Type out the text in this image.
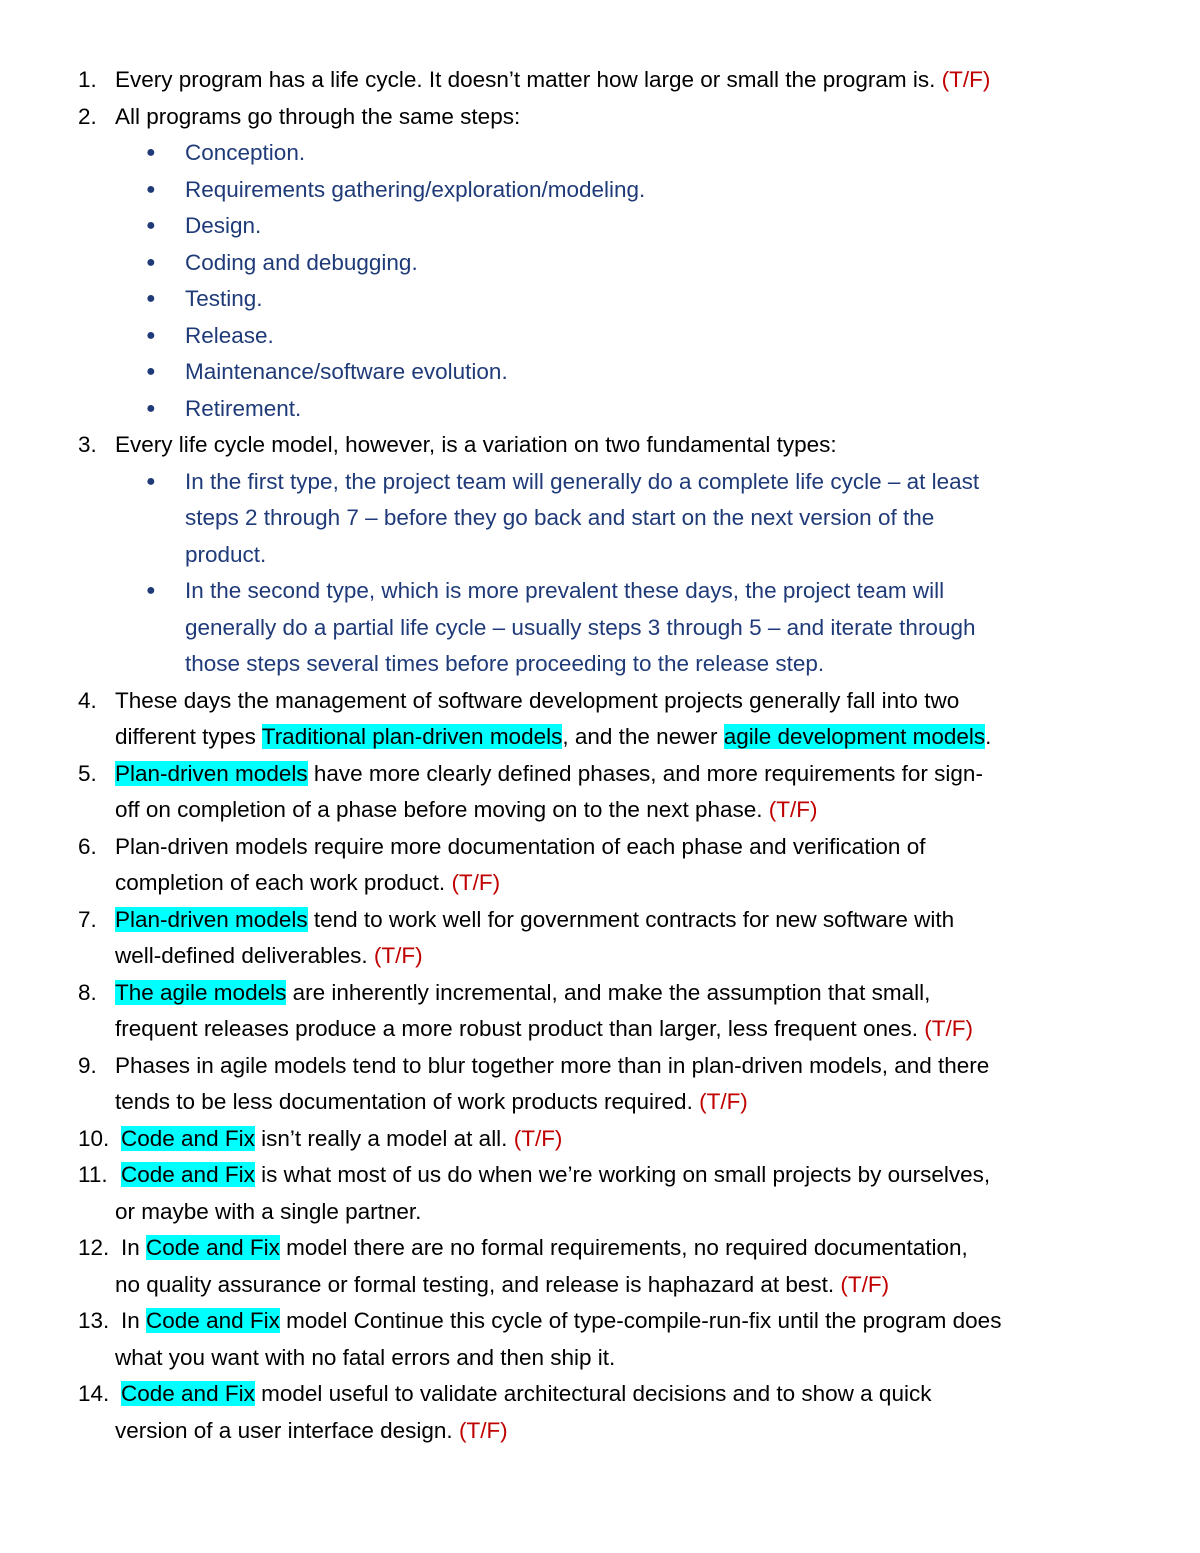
1. Every program has a life cycle. It doesn’t matter how large or small the program is. (T/F)
2. All programs go through the same steps:
● Conception.
● Requirements gathering/exploration/modeling.
● Design.
● Coding and debugging.
● Testing.
● Release.
● Maintenance/software evolution.
● Retirement.
3. Every life cycle model, however, is a variation on two fundamental types:
● In the first type, the project team will generally do a complete life cycle – at least
steps 2 through 7 – before they go back and start on the next version of the
product.
● In the second type, which is more prevalent these days, the project team will
generally do a partial life cycle – usually steps 3 through 5 – and iterate through
those steps several times before proceeding to the release step.
4. These days the management of software development projects generally fall into two
different types Traditional plan-driven models, and the newer agile development models.
5. Plan-driven models have more clearly defined phases, and more requirements for sign-
off on completion of a phase before moving on to the next phase. (T/F)
6. Plan-driven models require more documentation of each phase and verification of
completion of each work product. (T/F)
7. Plan-driven models tend to work well for government contracts for new software with
well-defined deliverables. (T/F)
8. The agile models are inherently incremental, and make the assumption that small,
frequent releases produce a more robust product than larger, less frequent ones. (T/F)
9. Phases in agile models tend to blur together more than in plan-driven models, and there
tends to be less documentation of work products required. (T/F)
10. Code and Fix isn’t really a model at all. (T/F)
11. Code and Fix is what most of us do when we’re working on small projects by ourselves,
or maybe with a single partner.
12. In Code and Fix model there are no formal requirements, no required documentation,
no quality assurance or formal testing, and release is haphazard at best. (T/F)
13. In Code and Fix model Continue this cycle of type-compile-run-fix until the program does
what you want with no fatal errors and then ship it.
14. Code and Fix model useful to validate architectural decisions and to show a quick
version of a user interface design. (T/F)
